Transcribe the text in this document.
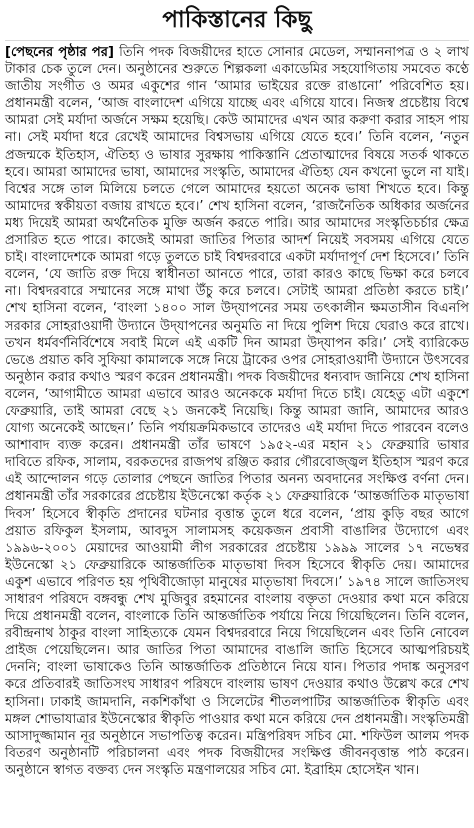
পাকিস্তানের কিছু

[পেছনের পৃষ্ঠার পর] তিনি পদক বিজয়ীদের হাতে সোনার মেডেল, সম্মাননাপত্র ও ২ লাখ টাকার চেক তুলে দেন। অনুষ্ঠানের শুরুতে শিল্পকলা একাডেমির সহযোগিতায় সমবেত কণ্ঠে জাতীয় সংগীত ও অমর একুশের গান ‘আমার ভাইয়ের রক্তে রাঙানো’ পরিবেশিত হয়। প্রধানমন্ত্রী বলেন, ‘আজ বাংলাদেশ এগিয়ে যাচ্ছে এবং এগিয়ে যাবে। নিজস্ব প্রচেষ্টায় বিশ্বে আমরা সেই মর্যাদা অর্জনে সক্ষম হয়েছি। কেউ আমাদের এখন আর করুণা করার সাহস পায় না। সেই মর্যাদা ধরে রেখেই আমাদের বিশ্বসভায় এগিয়ে যেতে হবে।’ তিনি বলেন, ‘নতুন প্রজন্মকে ইতিহাস, ঐতিহ্য ও ভাষার সুরক্ষায় পাকিস্তানি প্রেতাত্মাদের বিষয়ে সতর্ক থাকতে হবে। আমরা আমাদের ভাষা, আমাদের সংস্কৃতি, আমাদের ঐতিহ্য যেন কখনো ভুলে না যাই। বিশ্বের সঙ্গে তাল মিলিয়ে চলতে গেলে আমাদের হয়তো অনেক ভাষা শিখতে হবে। কিন্তু আমাদের স্বকীয়তা বজায় রাখতে হবে।’ শেখ হাসিনা বলেন, ‘রাজনৈতিক অধিকার অর্জনের মধ্য দিয়েই আমরা অর্থনৈতিক মুক্তি অর্জন করতে পারি। আর আমাদের সংস্কৃতিচর্চার ক্ষেত্র প্রসারিত হতে পারে। কাজেই আমরা জাতির পিতার আদর্শ নিয়েই সবসময় এগিয়ে যেতে চাই। বাংলাদেশকে আমরা গড়ে তুলতে চাই বিশ্বদরবারে একটা মর্যাদাপূর্ণ দেশ হিসেবে।’ তিনি বলেন, ‘যে জাতি রক্ত দিয়ে স্বাধীনতা আনতে পারে, তারা কারও কাছে ভিক্ষা করে চলবে না। বিশ্বদরবারে সম্মানের সঙ্গে মাথা উঁচু করে চলবে। সেটাই আমরা প্রতিষ্ঠা করতে চাই।’ শেখ হাসিনা বলেন, ‘বাংলা ১৪০০ সাল উদ্‌যাপনের সময় তৎকালীন ক্ষমতাসীন বিএনপি সরকার সোহরাওয়ার্দী উদ্যানে উদ্‌যাপনের অনুমতি না দিয়ে পুলিশ দিয়ে ঘেরাও করে রাখে। তখন ধর্মবর্ণনির্বিশেষে সবাই মিলে এই একটি দিন আমরা উদ্‌যাপন করি।’ সেই ব্যারিকেড ভেঙে প্রয়াত কবি সুফিয়া কামালকে সঙ্গে নিয়ে ট্রাকের ওপর সোহরাওয়ার্দী উদ্যানে উৎসবের অনুষ্ঠান করার কথাও স্মরণ করেন প্রধানমন্ত্রী। পদক বিজয়ীদের ধন্যবাদ জানিয়ে শেখ হাসিনা বলেন, ‘আগামীতে আমরা এভাবে আরও অনেককে মর্যাদা দিতে চাই। যেহেতু এটা একুশে ফেব্রুয়ারি, তাই আমরা বেছে ২১ জনকেই নিয়েছি। কিন্তু আমরা জানি, আমাদের আরও যোগ্য অনেকেই আছেন।’ তিনি পর্যায়ক্রমিকভাবে তাদেরও এই মর্যাদা দিতে পারবেন বলেও আশাবাদ ব্যক্ত করেন। প্রধানমন্ত্রী তাঁর ভাষণে ১৯৫২-এর মহান ২১ ফেব্রুয়ারি ভাষার দাবিতে রফিক, সালাম, বরকতদের রাজপথ রঞ্জিত করার গৌরবোজ্জ্বল ইতিহাস স্মরণ করে এই আন্দোলন গড়ে তোলার পেছনে জাতির পিতার অনন্য অবদানের সংক্ষিপ্ত বর্ণনা দেন। প্রধানমন্ত্রী তাঁর সরকারের প্রচেষ্টায় ইউনেস্কো কর্তৃক ২১ ফেব্রুয়ারিকে ‘আন্তর্জাতিক মাতৃভাষা দিবস’ হিসেবে স্বীকৃতি প্রদানের ঘটনার বৃত্তান্ত তুলে ধরে বলেন, ‘প্রায় কুড়ি বছর আগে প্রয়াত রফিকুল ইসলাম, আবদুস সালামসহ কয়েকজন প্রবাসী বাঙালির উদ্যোগে এবং ১৯৯৬-২০০১ মেয়াদের আওয়ামী লীগ সরকারের প্রচেষ্টায় ১৯৯৯ সালের ১৭ নভেম্বর ইউনেস্কো ২১ ফেব্রুয়ারিকে আন্তর্জাতিক মাতৃভাষা দিবস হিসেবে স্বীকৃতি দেয়। আমাদের একুশ এভাবে পরিণত হয় পৃথিবীজোড়া মানুষের মাতৃভাষা দিবসে।’ ১৯৭৪ সালে জাতিসংঘ সাধারণ পরিষদে বঙ্গবন্ধু শেখ মুজিবুর রহমানের বাংলায় বক্তৃতা দেওয়ার কথা মনে করিয়ে দিয়ে প্রধানমন্ত্রী বলেন, বাংলাকে তিনি আন্তর্জাতিক পর্যায়ে নিয়ে গিয়েছিলেন। তিনি বলেন, রবীন্দ্রনাথ ঠাকুর বাংলা সাহিত্যকে যেমন বিশ্বদরবারে নিয়ে গিয়েছিলেন এবং তিনি নোবেল প্রাইজ পেয়েছিলেন। আর জাতির পিতা আমাদের বাঙালি জাতি হিসেবে আত্মপরিচয়ই দেননি; বাংলা ভাষাকেও তিনি আন্তর্জাতিক প্রতিষ্ঠানে নিয়ে যান। পিতার পদাঙ্ক অনুসরণ করে প্রতিবারই জাতিসংঘ সাধারণ পরিষদে বাংলায় ভাষণ দেওয়ার কথাও উল্লেখ করে শেখ হাসিনা। ঢাকাই জামদানি, নকশিকাঁথা ও সিলেটের শীতলপাটির আন্তর্জাতিক স্বীকৃতি এবং মঙ্গল শোভাযাত্রার ইউনেস্কোর স্বীকৃতি পাওয়ার কথা মনে করিয়ে দেন প্রধানমন্ত্রী। সংস্কৃতিমন্ত্রী আসাদুজ্জামান নূর অনুষ্ঠানে সভাপতিত্ব করেন। মন্ত্রিপরিষদ সচিব মো. শফিউল আলম পদক বিতরণ অনুষ্ঠানটি পরিচালনা এবং পদক বিজয়ীদের সংক্ষিপ্ত জীবনবৃত্তান্ত পাঠ করেন। অনুষ্ঠানে স্বাগত বক্তব্য দেন সংস্কৃতি মন্ত্রণালয়ের সচিব মো. ইব্রাহিম হোসেইন খান।
